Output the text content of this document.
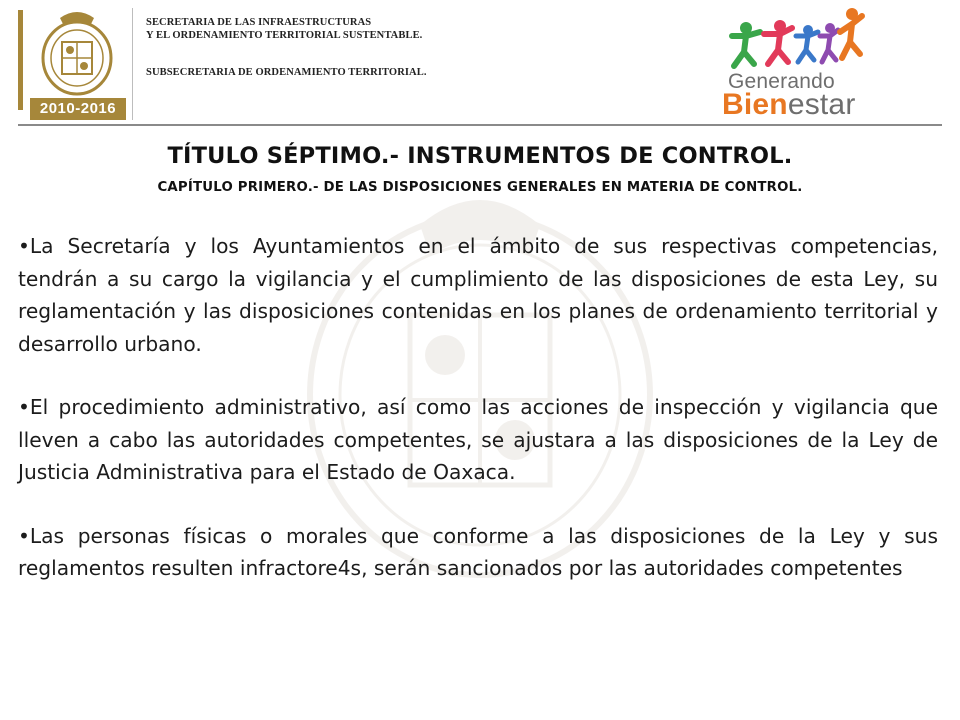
2010-2016
SECRETARIA DE LAS INFRAESTRUCTURAS
Y EL ORDENAMIENTO TERRITORIAL SUSTENTABLE.
SUBSECRETARIA DE ORDENAMIENTO TERRITORIAL.	Generando
Bienestar
TÍTULO SÉPTIMO.- INSTRUMENTOS DE CONTROL.
CAPÍTULO PRIMERO.- DE LAS DISPOSICIONES GENERALES EN MATERIA DE CONTROL.

•La Secretaría y los Ayuntamientos en el ámbito de sus respectivas competencias, tendrán a su cargo la vigilancia y el cumplimiento de las disposiciones de esta Ley, su reglamentación y las disposiciones contenidas en los planes de ordenamiento territorial y desarrollo urbano.

•El procedimiento administrativo, así como las acciones de inspección y vigilancia que lleven a cabo las autoridades competentes, se ajustara a las disposiciones de la Ley de Justicia Administrativa para el Estado de Oaxaca.

•Las personas físicas o morales que conforme a las disposiciones de la Ley y sus reglamentos resulten infractore4s, serán sancionados por las autoridades competentes
